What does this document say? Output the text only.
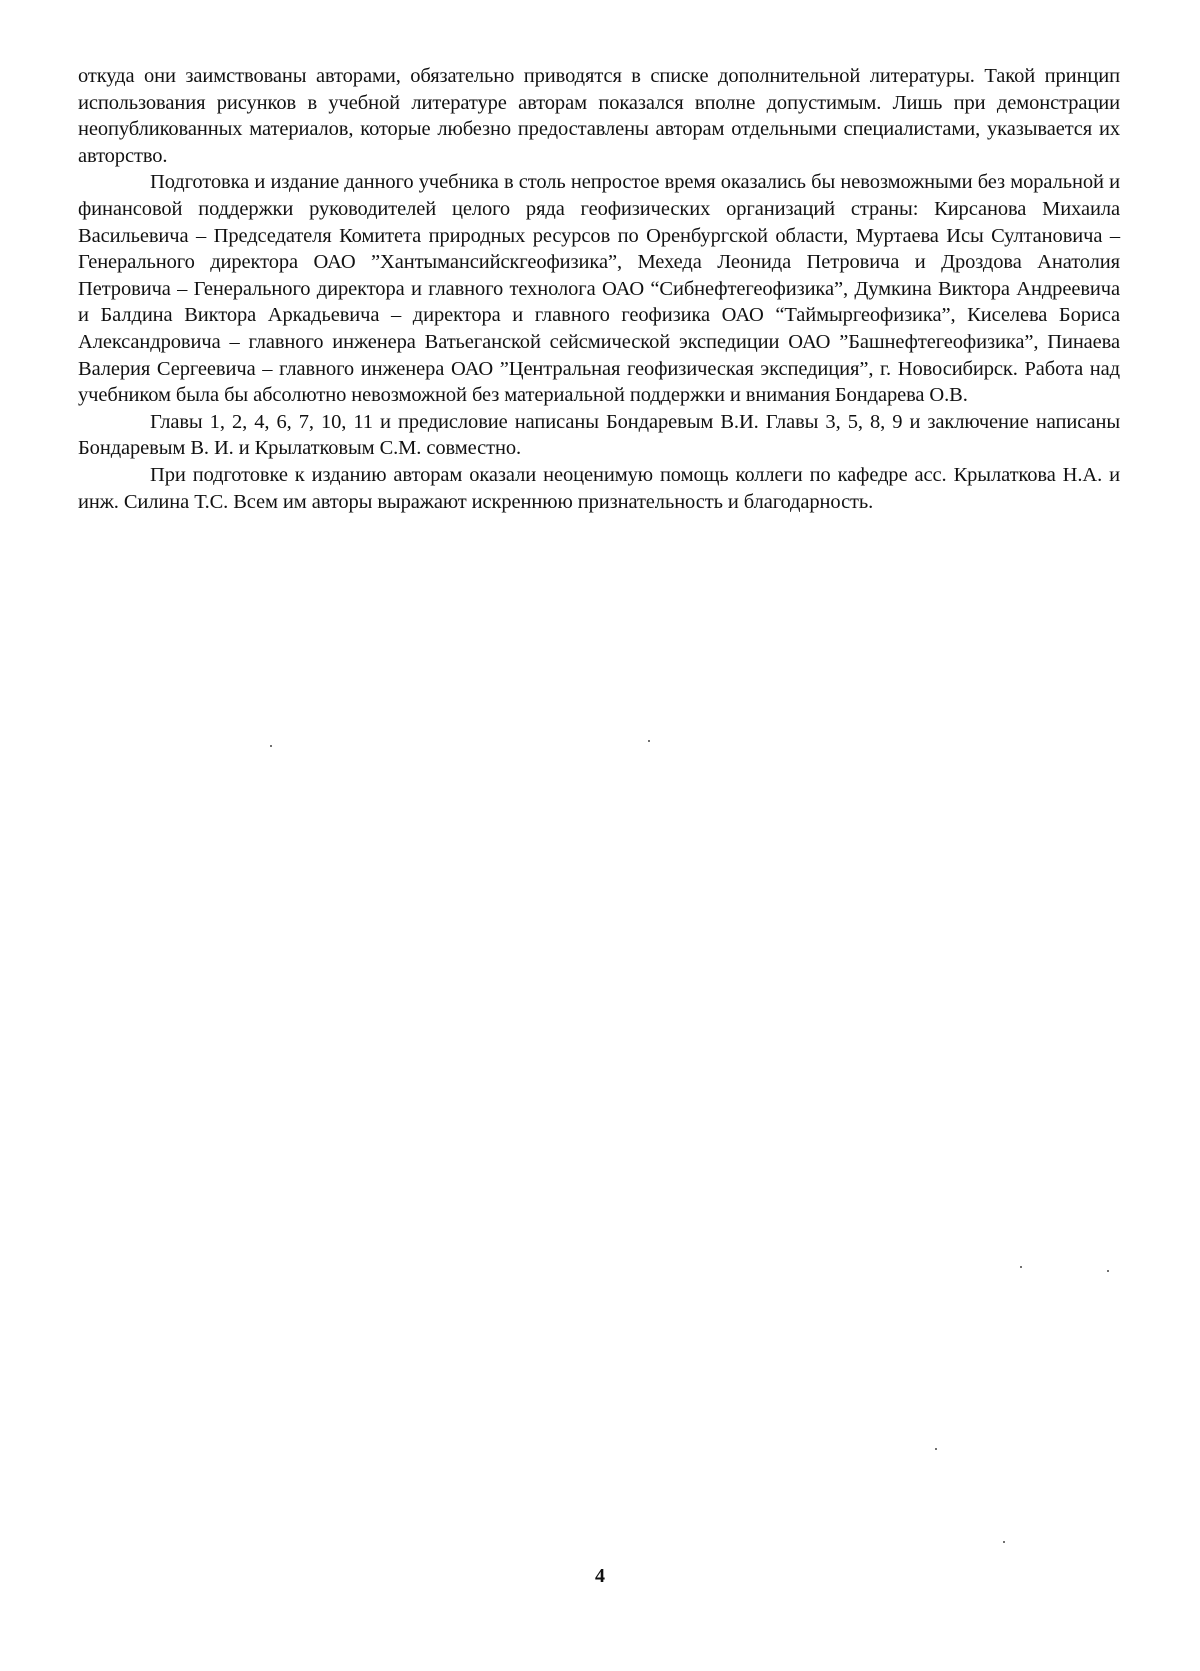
откуда они заимствованы авторами, обязательно приводятся в списке дополнительной литературы. Такой принцип использования рисунков в учебной литературе авторам показался вполне допустимым. Лишь при демонстрации неопубликованных материалов, которые любезно предоставлены авторам отдельными специалистами, указывается их авторство.

Подготовка и издание данного учебника в столь непростое время оказались бы невозможными без моральной и финансовой поддержки руководителей целого ряда геофизических организаций страны: Кирсанова Михаила Васильевича – Председателя Комитета природных ресурсов по Оренбургской области, Муртаева Исы Султановича – Генерального директора ОАО ”Хантымансийскгеофизика”, Мехеда Леонида Петровича и Дроздова Анатолия Петровича – Генерального директора и главного технолога ОАО “Сибнефтегеофизика”, Думкина Виктора Андреевича и Балдина Виктора Аркадьевича – директора и главного геофизика ОАО “Таймыргеофизика”, Киселева Бориса Александровича – главного инженера Ватьеганской сейсмической экспедиции ОАО ”Башнефтегеофизика”, Пинаева Валерия Сергеевича – главного инженера ОАО ”Центральная геофизическая экспедиция”, г. Новосибирск. Работа над учебником была бы абсолютно невозможной без материальной поддержки и внимания Бондарева О.В.

Главы 1, 2, 4, 6, 7, 10, 11 и предисловие написаны Бондаревым В.И. Главы 3, 5, 8, 9 и заключение написаны Бондаревым В. И. и Крылатковым С.М. совместно.

При подготовке к изданию авторам оказали неоценимую помощь коллеги по кафедре асс. Крылаткова Н.А. и инж. Силина Т.С. Всем им авторы выражают искреннюю признательность и благодарность.

4
